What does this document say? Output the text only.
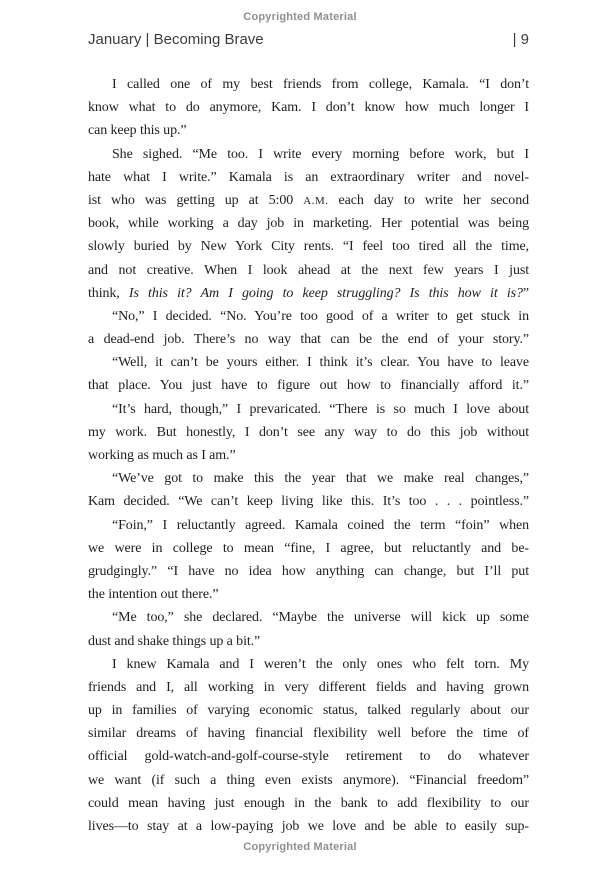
Copyrighted Material
January | Becoming Brave	| 9
I called one of my best friends from college, Kamala. “I don’t
know what to do anymore, Kam. I don’t know how much longer I
can keep this up.”
She sighed. “Me too. I write every morning before work, but I
hate what I write.” Kamala is an extraordinary writer and novel-
ist who was getting up at 5:00 A.M. each day to write her second
book, while working a day job in marketing. Her potential was being
slowly buried by New York City rents. “I feel too tired all the time,
and not creative. When I look ahead at the next few years I just
think, Is this it? Am I going to keep struggling? Is this how it is?”
“No,” I decided. “No. You’re too good of a writer to get stuck in
a dead-end job. There’s no way that can be the end of your story.”
“Well, it can’t be yours either. I think it’s clear. You have to leave
that place. You just have to figure out how to financially afford it.”
“It’s hard, though,” I prevaricated. “There is so much I love about
my work. But honestly, I don’t see any way to do this job without
working as much as I am.”
“We’ve got to make this the year that we make real changes,”
Kam decided. “We can’t keep living like this. It’s too . . . pointless.”
“Foin,” I reluctantly agreed. Kamala coined the term “foin” when
we were in college to mean “fine, I agree, but reluctantly and be-
grudgingly.” “I have no idea how anything can change, but I’ll put
the intention out there.”
“Me too,” she declared. “Maybe the universe will kick up some
dust and shake things up a bit.”
I knew Kamala and I weren’t the only ones who felt torn. My
friends and I, all working in very different fields and having grown
up in families of varying economic status, talked regularly about our
similar dreams of having financial flexibility well before the time of
official gold-watch-and-golf-course-style retirement to do whatever
we want (if such a thing even exists anymore). “Financial freedom”
could mean having just enough in the bank to add flexibility to our
lives—to stay at a low-paying job we love and be able to easily sup-
Copyrighted Material
